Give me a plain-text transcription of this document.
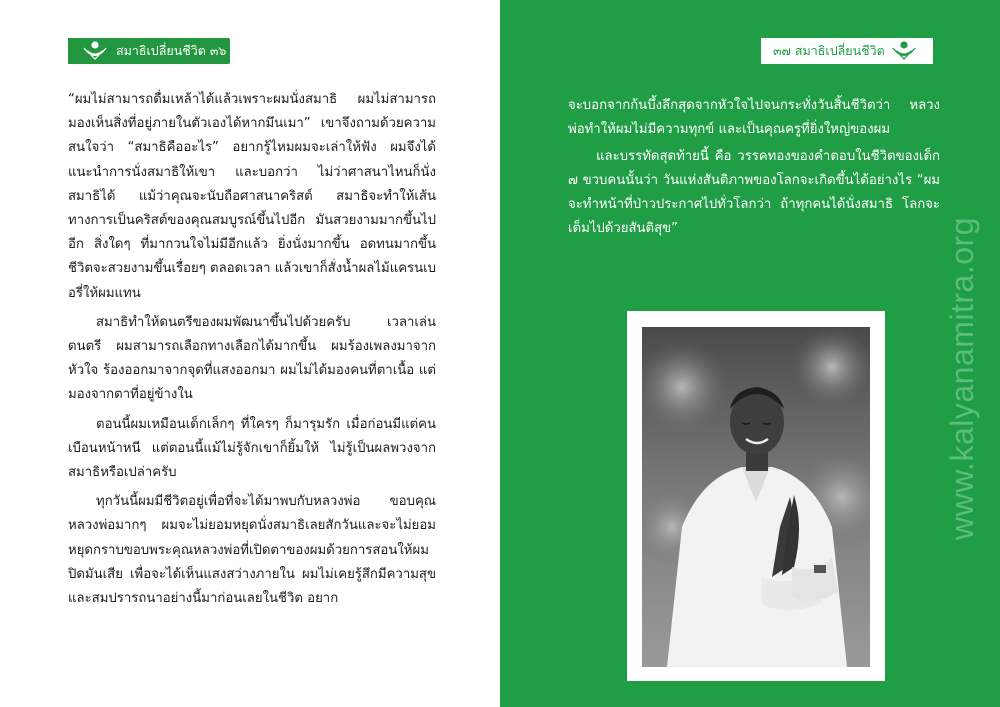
สมาธิเปลี่ยนชีวิต ๓๖

“ผมไม่สามารถดื่มเหล้าได้แล้วเพราะผมนั่งสมาธิ ผมไม่สามารถมองเห็นสิ่งที่อยู่ภายในตัวเองได้หากมึนเมา” เขาจึงถามด้วยความสนใจว่า “สมาธิคืออะไร” อยากรู้ไหมผมจะเล่าให้ฟัง ผมจึงได้แนะนำการนั่งสมาธิให้เขา และบอกว่า ไม่ว่าศาสนาไหนก็นั่งสมาธิได้ แม้ว่าคุณจะนับถือศาสนาคริสต์ สมาธิจะทำให้เส้นทางการเป็นคริสต์ของคุณสมบูรณ์ขึ้นไปอีก มันสวยงามมากขึ้นไปอีก สิ่งใดๆ ที่มากวนใจไม่มีอีกแล้ว ยิ่งนั่งมากขึ้น อดทนมากขึ้น ชีวิตจะสวยงามขึ้นเรื่อยๆ ตลอดเวลา แล้วเขาก็สั่งน้ำผลไม้แครนเบอรี่ให้ผมแทน

สมาธิทำให้ดนตรีของผมพัฒนาขึ้นไปด้วยครับ เวลาเล่นดนตรี ผมสามารถเลือกทางเลือกได้มากขึ้น ผมร้องเพลงมาจากหัวใจ ร้องออกมาจากจุดที่แสงออกมา ผมไม่ได้มองคนที่ตาเนื้อ แต่มองจากตาที่อยู่ข้างใน

ตอนนี้ผมเหมือนเด็กเล็กๆ ที่ใครๆ ก็มารุมรัก เมื่อก่อนมีแต่คนเบือนหน้าหนี แต่ตอนนี้แม้ไม่รู้จักเขาก็ยิ้มให้ ไม่รู้เป็นผลพวงจากสมาธิหรือเปล่าครับ

ทุกวันนี้ผมมีชีวิตอยู่เพื่อที่จะได้มาพบกับหลวงพ่อ ขอบคุณหลวงพ่อมากๆ ผมจะไม่ยอมหยุดนั่งสมาธิเลยสักวันและจะไม่ยอมหยุดกราบขอบพระคุณหลวงพ่อที่เปิดตาของผมด้วยการสอนให้ผมปิดมันเสีย เพื่อจะได้เห็นแสงสว่างภายใน ผมไม่เคยรู้สึกมีความสุขและสมปรารถนาอย่างนี้มาก่อนเลยในชีวิต อยาก

๓๗ สมาธิเปลี่ยนชีวิต

จะบอกจากก้นบึ้งลึกสุดจากหัวใจไปจนกระทั่งวันสิ้นชีวิตว่า หลวงพ่อทำให้ผมไม่มีความทุกข์ และเป็นคุณครูที่ยิ่งใหญ่ของผม

และบรรทัดสุดท้ายนี้ คือ วรรคทองของคำตอบในชีวิตของเด็ก ๗ ขวบคนนั้นว่า วันแห่งสันติภาพของโลกจะเกิดขึ้นได้อย่างไร “ผมจะทำหน้าที่ป่าวประกาศไปทั่วโลกว่า ถ้าทุกคนได้นั่งสมาธิ โลกจะเต็มไปด้วยสันติสุข”	www.kalyanamitra.org
